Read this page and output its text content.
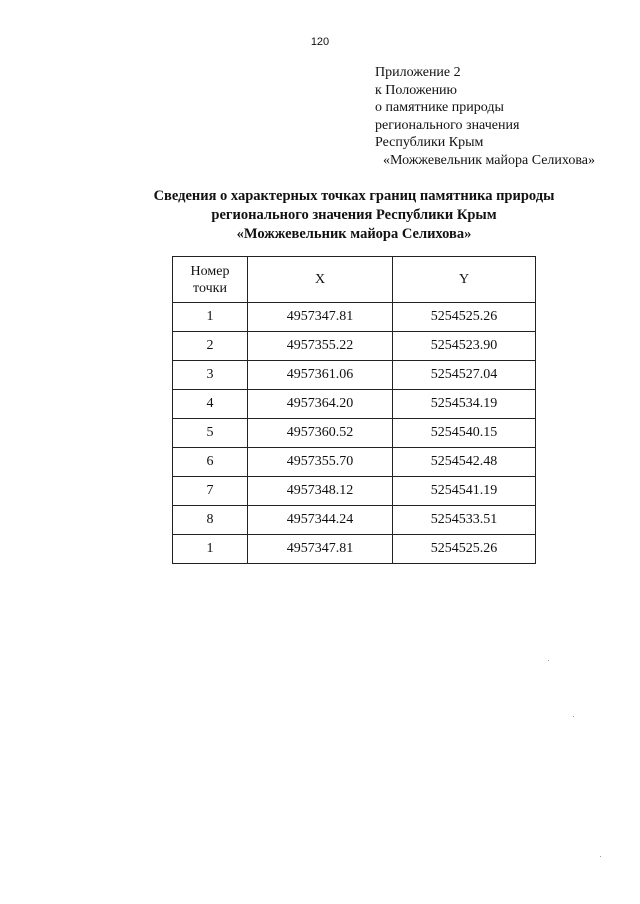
120
Приложение 2
к Положению
о памятнике природы
регионального значения
Республики Крым
«Можжевельник майора Селихова»
Сведения о характерных точках границ памятника природы
регионального значения Республики Крым
«Можжевельник майора Селихова»
Номер
точки	X	Y
1	4957347.81	5254525.26
2	4957355.22	5254523.90
3	4957361.06	5254527.04
4	4957364.20	5254534.19
5	4957360.52	5254540.15
6	4957355.70	5254542.48
7	4957348.12	5254541.19
8	4957344.24	5254533.51
1	4957347.81	5254525.26
